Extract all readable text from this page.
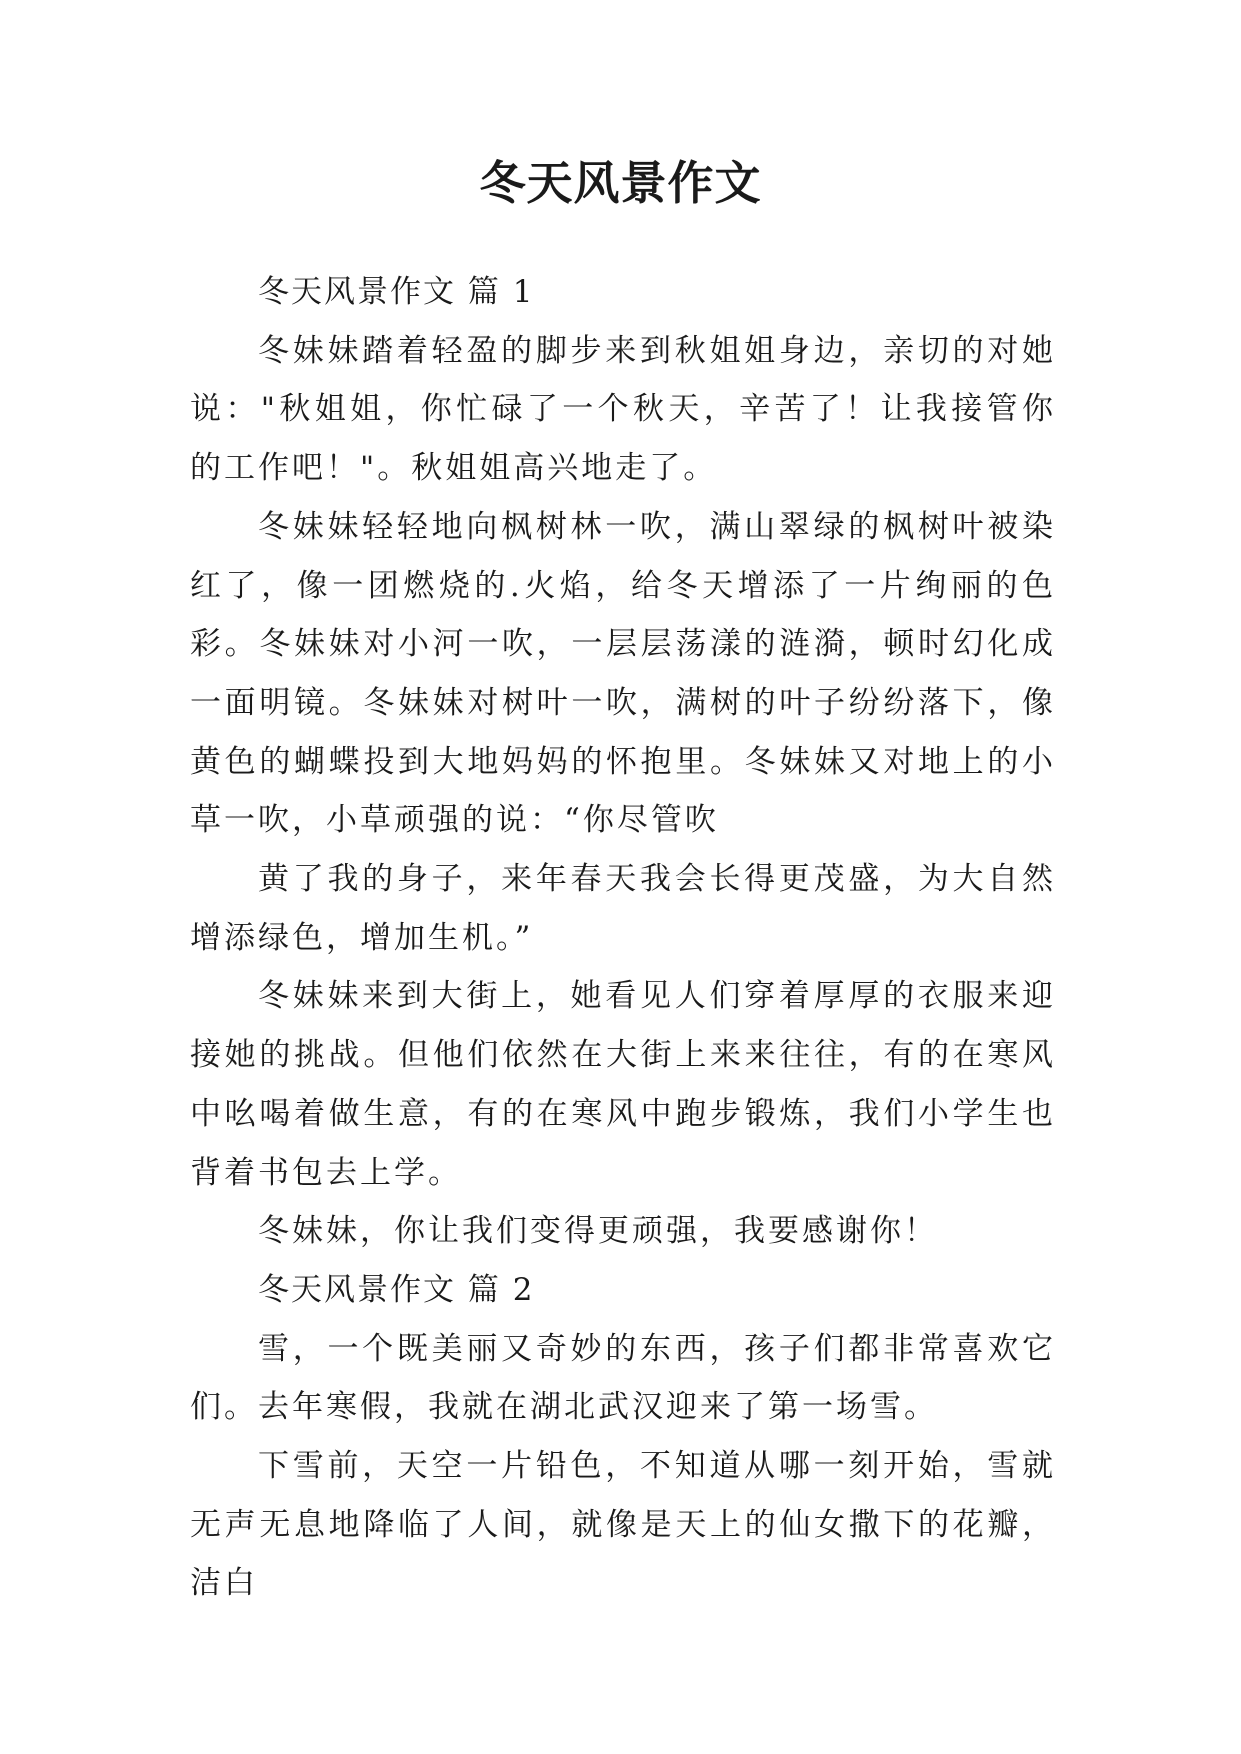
冬天风景作文

冬天风景作文 篇 1

冬妹妹踏着轻盈的脚步来到秋姐姐身边，亲切的对她说："秋姐姐，你忙碌了一个秋天，辛苦了！让我接管你的工作吧！"。秋姐姐高兴地走了。

冬妹妹轻轻地向枫树林一吹，满山翠绿的枫树叶被染红了，像一团燃烧的.火焰，给冬天增添了一片绚丽的色彩。冬妹妹对小河一吹，一层层荡漾的涟漪，顿时幻化成一面明镜。冬妹妹对树叶一吹，满树的叶子纷纷落下，像黄色的蝴蝶投到大地妈妈的怀抱里。冬妹妹又对地上的小草一吹，小草顽强的说：“你尽管吹

黄了我的身子，来年春天我会长得更茂盛，为大自然增添绿色，增加生机。”

冬妹妹来到大街上，她看见人们穿着厚厚的衣服来迎接她的挑战。但他们依然在大街上来来往往，有的在寒风中吆喝着做生意，有的在寒风中跑步锻炼，我们小学生也背着书包去上学。

冬妹妹，你让我们变得更顽强，我要感谢你！

冬天风景作文 篇 2

雪，一个既美丽又奇妙的东西，孩子们都非常喜欢它们。去年寒假，我就在湖北武汉迎来了第一场雪。

下雪前，天空一片铅色，不知道从哪一刻开始，雪就无声无息地降临了人间，就像是天上的仙女撒下的花瓣，洁白
